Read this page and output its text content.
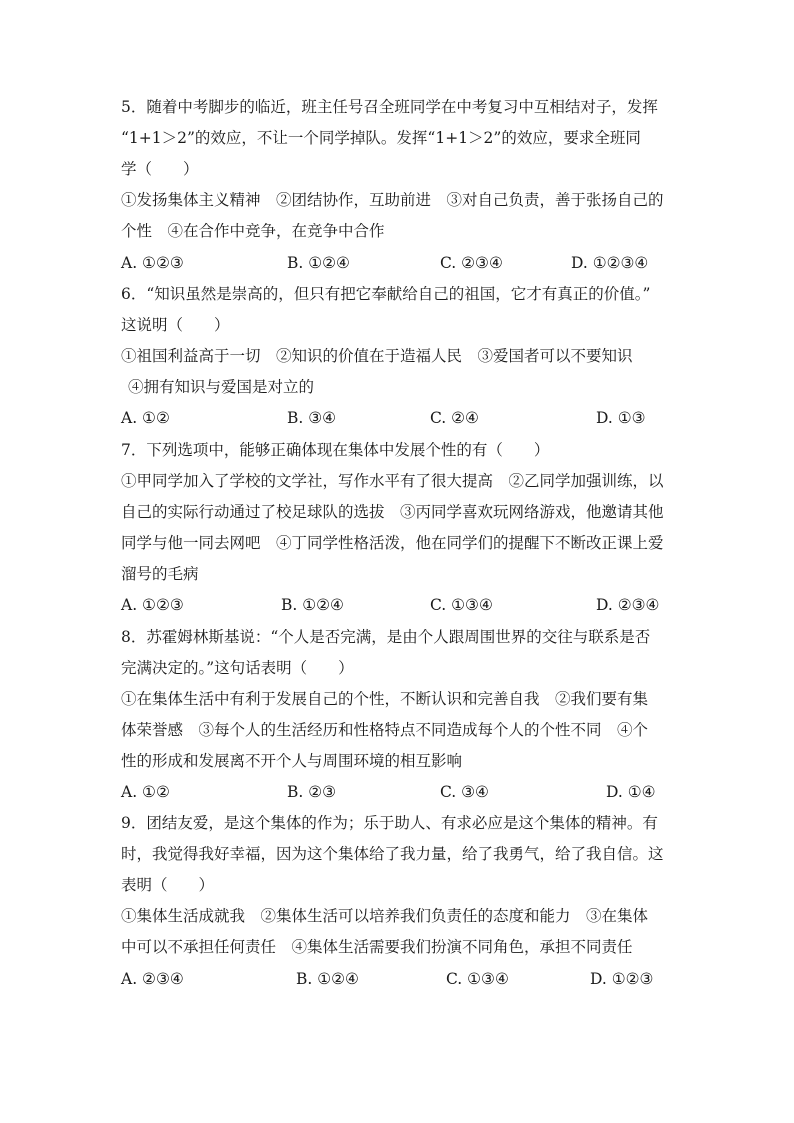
5．随着中考脚步的临近，班主任号召全班同学在中考复习中互相结对子，发挥
“1+1＞2”的效应，不让一个同学掉队。发挥“1+1＞2”的效应，要求全班同
学（　　）
①发扬集体主义精神　②团结协作，互助前进　③对自己负责，善于张扬自己的
个性　④在合作中竞争，在竞争中合作
A. ①②③	B. ①②④	C. ②③④	D. ①②③④
6．“知识虽然是崇高的，但只有把它奉献给自己的祖国，它才有真正的价值。”
这说明（　　）
①祖国利益高于一切　②知识的价值在于造福人民　③爱国者可以不要知识
④拥有知识与爱国是对立的
A. ①②	B. ③④	C. ②④	D. ①③
7．下列选项中，能够正确体现在集体中发展个性的有（　　）
①甲同学加入了学校的文学社，写作水平有了很大提高　②乙同学加强训练，以
自己的实际行动通过了校足球队的选拔　③丙同学喜欢玩网络游戏，他邀请其他
同学与他一同去网吧　④丁同学性格活泼，他在同学们的提醒下不断改正课上爱
溜号的毛病
A. ①②③	B. ①②④	C. ①③④	D. ②③④
8．苏霍姆林斯基说：“个人是否完满，是由个人跟周围世界的交往与联系是否
完满决定的。”这句话表明（　　）
①在集体生活中有利于发展自己的个性，不断认识和完善自我　②我们要有集
体荣誉感　③每个人的生活经历和性格特点不同造成每个人的个性不同　④个
性的形成和发展离不开个人与周围环境的相互影响
A. ①②	B. ②③	C. ③④	D. ①④
9．团结友爱，是这个集体的作为；乐于助人、有求必应是这个集体的精神。有
时，我觉得我好幸福，因为这个集体给了我力量，给了我勇气，给了我自信。这
表明（　　）
①集体生活成就我　②集体生活可以培养我们负责任的态度和能力　③在集体
中可以不承担任何责任　④集体生活需要我们扮演不同角色，承担不同责任
A. ②③④	B. ①②④	C. ①③④	D. ①②③
